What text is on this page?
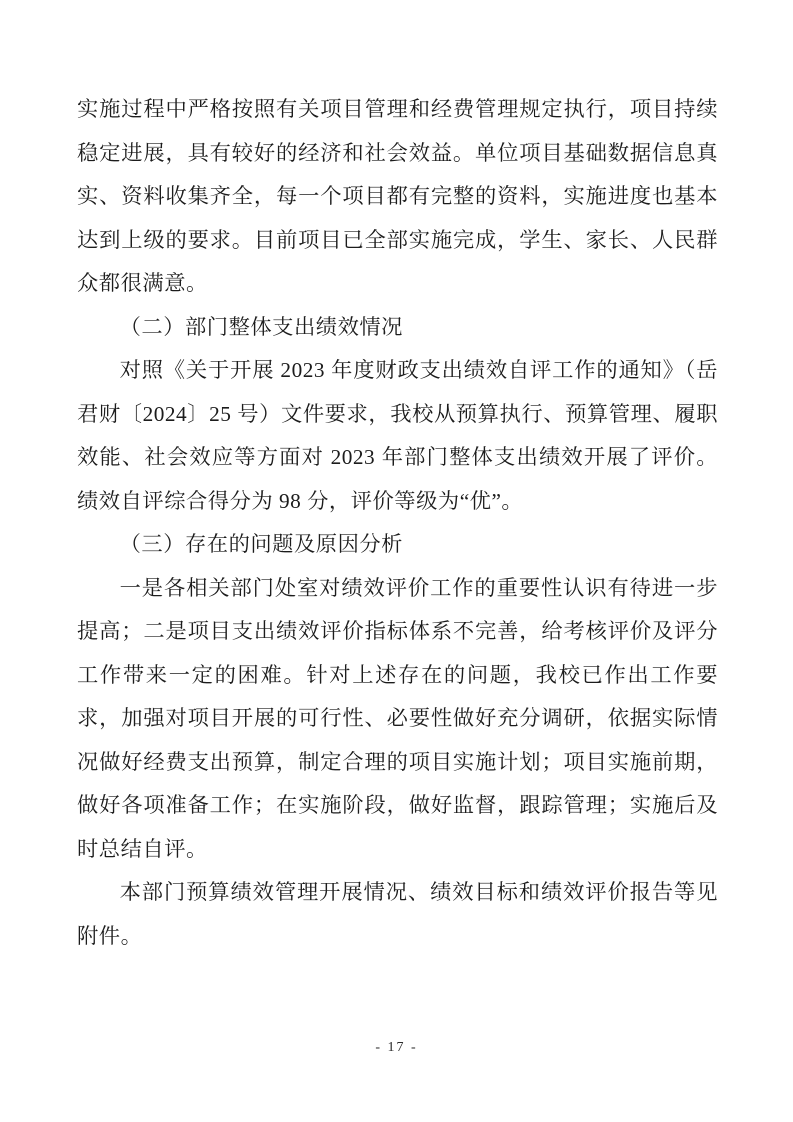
实施过程中严格按照有关项目管理和经费管理规定执行，项目持续稳定进展，具有较好的经济和社会效益。单位项目基础数据信息真实、资料收集齐全，每一个项目都有完整的资料，实施进度也基本达到上级的要求。目前项目已全部实施完成，学生、家长、人民群众都很满意。

（二）部门整体支出绩效情况

对照《关于开展 2023 年度财政支出绩效自评工作的通知》（岳君财〔2024〕25 号）文件要求，我校从预算执行、预算管理、履职效能、社会效应等方面对 2023 年部门整体支出绩效开展了评价。绩效自评综合得分为 98 分，评价等级为“优”。

（三）存在的问题及原因分析

一是各相关部门处室对绩效评价工作的重要性认识有待进一步提高；二是项目支出绩效评价指标体系不完善，给考核评价及评分工作带来一定的困难。针对上述存在的问题，我校已作出工作要求，加强对项目开展的可行性、必要性做好充分调研，依据实际情况做好经费支出预算，制定合理的项目实施计划；项目实施前期，做好各项准备工作；在实施阶段，做好监督，跟踪管理；实施后及时总结自评。

本部门预算绩效管理开展情况、绩效目标和绩效评价报告等见附件。

- 17 -
